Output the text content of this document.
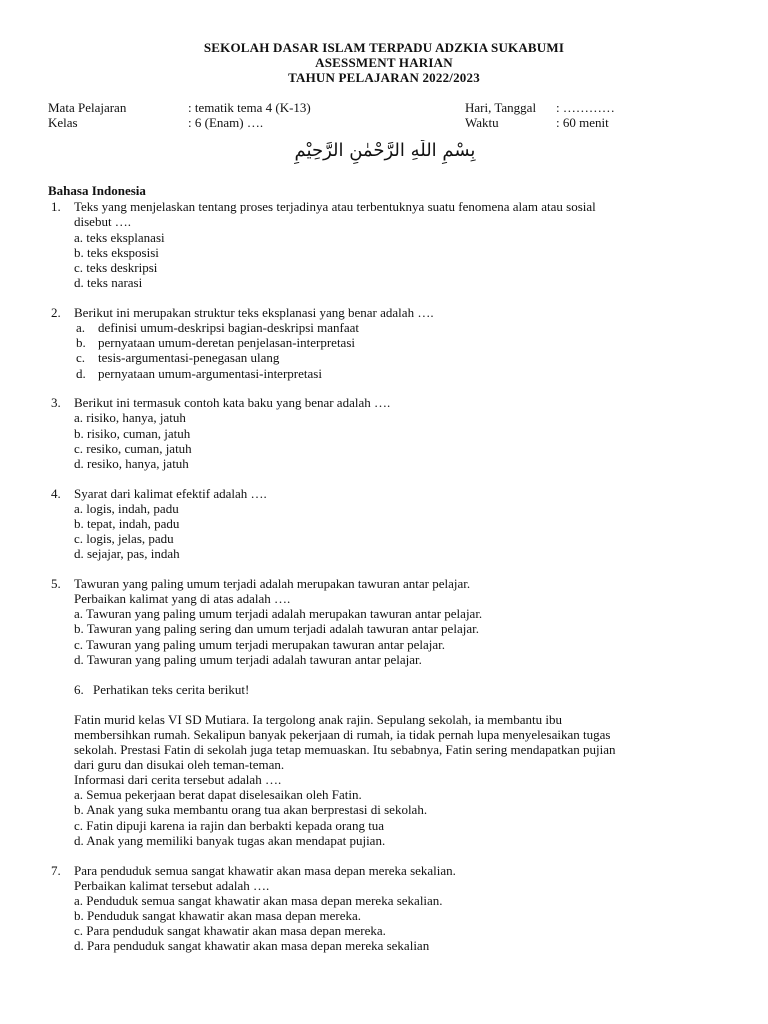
SEKOLAH DASAR ISLAM TERPADU ADZKIA SUKABUMI
ASESSMENT HARIAN
TAHUN PELAJARAN 2022/2023
Mata Pelajaran	: tematik tema 4 (K-13)	Hari, Tanggal : …………
Kelas	: 6 (Enam) ….	Waktu	: 60 menit
بِسْمِ اللّٰهِ الرَّحْمٰنِ الرَّحِيْمِ
Bahasa Indonesia
1. Teks yang menjelaskan tentang proses terjadinya atau terbentuknya suatu fenomena alam atau sosial
disebut ….
a. teks eksplanasi
b. teks eksposisi
c. teks deskripsi
d. teks narasi
2. Berikut ini merupakan struktur teks eksplanasi yang benar adalah ….
a. definisi umum-deskripsi bagian-deskripsi manfaat
b. pernyataan umum-deretan penjelasan-interpretasi
c. tesis-argumentasi-penegasan ulang
d. pernyataan umum-argumentasi-interpretasi
3. Berikut ini termasuk contoh kata baku yang benar adalah ….
a. risiko, hanya, jatuh
b. risiko, cuman, jatuh
c. resiko, cuman, jatuh
d. resiko, hanya, jatuh
4. Syarat dari kalimat efektif adalah ….
a. logis, indah, padu
b. tepat, indah, padu
c. logis, jelas, padu
d. sejajar, pas, indah
5. Tawuran yang paling umum terjadi adalah merupakan tawuran antar pelajar.
Perbaikan kalimat yang di atas adalah ….
a. Tawuran yang paling umum terjadi adalah merupakan tawuran antar pelajar.
b. Tawuran yang paling sering dan umum terjadi adalah tawuran antar pelajar.
c. Tawuran yang paling umum terjadi merupakan tawuran antar pelajar.
d. Tawuran yang paling umum terjadi adalah tawuran antar pelajar.
6. Perhatikan teks cerita berikut!
Fatin murid kelas VI SD Mutiara. Ia tergolong anak rajin. Sepulang sekolah, ia membantu ibu
membersihkan rumah. Sekalipun banyak pekerjaan di rumah, ia tidak pernah lupa menyelesaikan tugas
sekolah. Prestasi Fatin di sekolah juga tetap memuaskan. Itu sebabnya, Fatin sering mendapatkan pujian
dari guru dan disukai oleh teman-teman.
Informasi dari cerita tersebut adalah ….
a. Semua pekerjaan berat dapat diselesaikan oleh Fatin.
b. Anak yang suka membantu orang tua akan berprestasi di sekolah.
c. Fatin dipuji karena ia rajin dan berbakti kepada orang tua
d. Anak yang memiliki banyak tugas akan mendapat pujian.
7. Para penduduk semua sangat khawatir akan masa depan mereka sekalian.
Perbaikan kalimat tersebut adalah ….
a. Penduduk semua sangat khawatir akan masa depan mereka sekalian.
b. Penduduk sangat khawatir akan masa depan mereka.
c. Para penduduk sangat khawatir akan masa depan mereka.
d. Para penduduk sangat khawatir akan masa depan mereka sekalian
